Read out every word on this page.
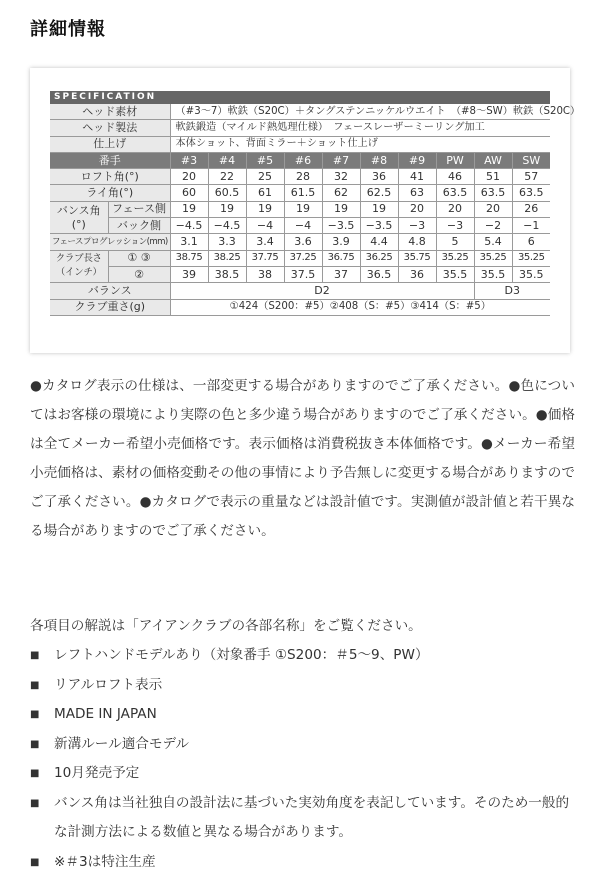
詳細情報
SPECIFICATION
ヘッド素材		（#3〜7）軟鉄（S20C）＋タングステンニッケルウエイト　（#8〜SW）軟鉄（S20C）									
ヘッド製法		軟鉄鍛造（マイルド熱処理仕様）　フェースレーザーミーリング加工									
仕上げ		本体ショット、背面ミラー＋ショット仕上げ									
番手		#3	#4	#5	#6	#7	#8	#9	PW	AW	SW
ロフト角(°)		20	22	25	28	32	36	41	46	51	57
ライ角(°)		60	60.5	61	61.5	62	62.5	63	63.5	63.5	63.5

バンス角
(°)	フェース側	19	19	19	19	19	19	20	20	20	26
	バック側	−4.5	−4.5	−4	−4	−3.5	−3.5	−3	−3	−2	−1
フェースプログレッション(mm)		3.1	3.3	3.4	3.6	3.9	4.4	4.8	5	5.4	6

クラブ長さ
（インチ）	① ③	38.75	38.25	37.75	37.25	36.75	36.25	35.75	35.25	35.25	35.25
	②	39	38.5	38	37.5	37	36.5	36	35.5	35.5	35.5
バランス		D2								D3	
クラブ重さ(g)		①424（S200：#5）②408（S：#5）③414（S：#5）									
●カタログ表示の仕様は、一部変更する場合がありますのでご了承ください。●色についてはお客様の環境により実際の色と多少違う場合がありますのでご了承ください。●価格は全てメーカー希望小売価格です。表示価格は消費税抜き本体価格です。●メーカー希望小売価格は、素材の価格変動その他の事情により予告無しに変更する場合がありますのでご了承ください。●カタログで表示の重量などは設計値です。実測値が設計値と若干異なる場合がありますのでご了承ください。
各項目の解説は「アイアンクラブの各部名称」をご覧ください。
■	レフトハンドモデルあり（対象番手 ①S200：＃5〜9、PW）
■	リアルロフト表示
■	MADE IN JAPAN
■	新溝ルール適合モデル
■	10月発売予定
■	バンス角は当社独自の設計法に基づいた実効角度を表記しています。そのため一般的な計測方法による数値と異なる場合があります。
■	※＃3は特注生産
